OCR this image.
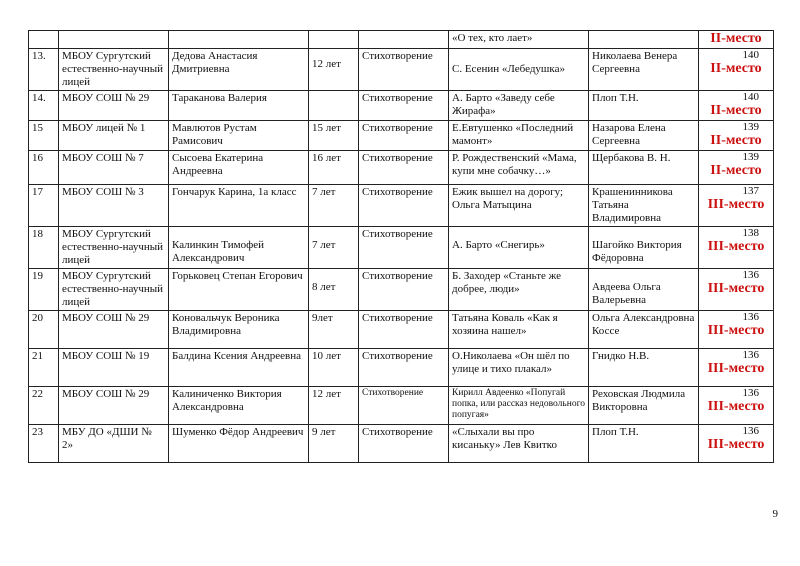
					«О тех, кто лает»		II-место

13.	МБОУ Сургутский естественно-научный лицей	Дедова Анастасия Дмитриевна	12 лет	Стихотворение	С. Есенин «Лебедушка»	Николаева Венера Сергеевна	140
II-место

14.	МБОУ СОШ № 29	Тараканова Валерия		Стихотворение	А. Барто «Заведу себе Жирафа»	Плоп Т.Н.	140
II-место

15	МБОУ лицей № 1	Мавлютов Рустам Рамисович	15 лет	Стихотворение	Е.Евтушенко «Последний мамонт»	Назарова Елена Сергеевна	139
II-место

16	МБОУ СОШ № 7	Сысоева Екатерина Андреевна	16 лет	Стихотворение	Р. Рождественский «Мама, купи мне собачку…»	Щербакова В. Н.	139
II-место

17	МБОУ СОШ № 3	Гончарук Карина, 1а класс	7 лет	Стихотворение	Ежик вышел на дорогу; Ольга Матыцина	Крашенинникова Татьяна Владимировна	137
III-место

18	МБОУ Сургутский естественно-научный лицей	Калинкин Тимофей Александрович	7 лет	Стихотворение	А. Барто «Снегирь»	Шагойко Виктория Фёдоровна	138
III-место

19	МБОУ Сургутский естественно-научный лицей	Горьковец Степан Егорович	8 лет	Стихотворение	Б. Заходер «Станьте же добрее, люди»	Авдеева Ольга Валерьевна	136
III-место

20	МБОУ СОШ № 29	Коновальчук Вероника Владимировна	9лет	Стихотворение	Татьяна Коваль «Как я хозяина нашел»	Ольга Александровна Коссе	136
III-место

21	МБОУ СОШ № 19	Балдина Ксения Андреевна	10 лет	Стихотворение	О.Николаева «Он шёл по улице и тихо плакал»	Гнидко Н.В.	136
III-место

22	МБОУ СОШ № 29	Калиниченко Виктория Александровна	12 лет	Стихотворение	Кирилл Авдеенко «Попугай попка, или рассказ недовольного попугая»	Реховская Людмила Викторовна	136
III-место

23	МБУ ДО «ДШИ № 2»	Шуменко Фёдор Андреевич	9 лет	Стихотворение	«Слыхали вы про кисаньку» Лев Квитко	Плоп Т.Н.	136
III-место
9
